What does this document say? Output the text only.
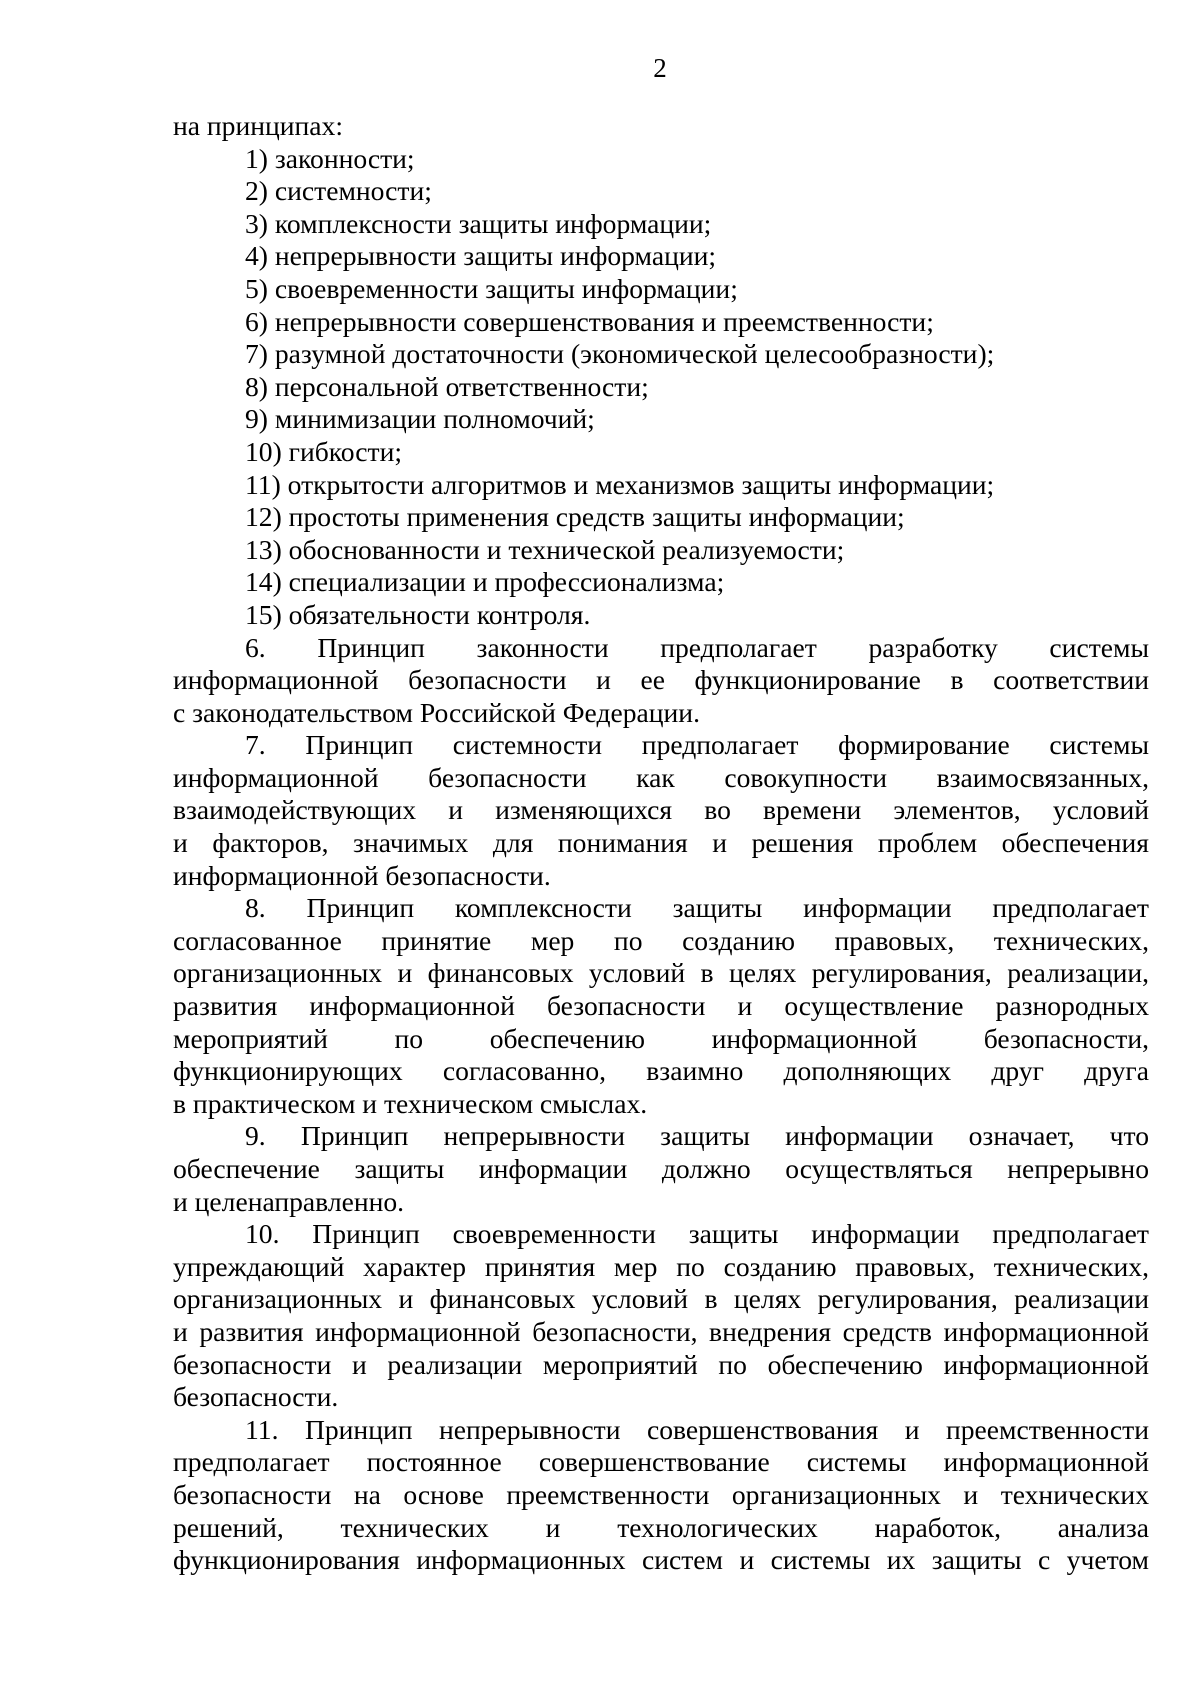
2
на принципах:
1) законности;
2) системности;
3) комплексности защиты информации;
4) непрерывности защиты информации;
5) своевременности защиты информации;
6) непрерывности совершенствования и преемственности;
7) разумной достаточности (экономической целесообразности);
8) персональной ответственности;
9) минимизации полномочий;
10) гибкости;
11) открытости алгоритмов и механизмов защиты информации;
12) простоты применения средств защиты информации;
13) обоснованности и технической реализуемости;
14) специализации и профессионализма;
15) обязательности контроля.
6. Принцип законности предполагает разработку системы
информационной безопасности и ее функционирование в соответствии
с законодательством Российской Федерации.
7. Принцип системности предполагает формирование системы
информационной безопасности как совокупности взаимосвязанных,
взаимодействующих и изменяющихся во времени элементов, условий
и факторов, значимых для понимания и решения проблем обеспечения
информационной безопасности.
8. Принцип комплексности защиты информации предполагает
согласованное принятие мер по созданию правовых, технических,
организационных и финансовых условий в целях регулирования, реализации,
развития информационной безопасности и осуществление разнородных
мероприятий по обеспечению информационной безопасности,
функционирующих согласованно, взаимно дополняющих друг друга
в практическом и техническом смыслах.
9. Принцип непрерывности защиты информации означает, что
обеспечение защиты информации должно осуществляться непрерывно
и целенаправленно.
10. Принцип своевременности защиты информации предполагает
упреждающий характер принятия мер по созданию правовых, технических,
организационных и финансовых условий в целях регулирования, реализации
и развития информационной безопасности, внедрения средств информационной
безопасности и реализации мероприятий по обеспечению информационной
безопасности.
11. Принцип непрерывности совершенствования и преемственности
предполагает постоянное совершенствование системы информационной
безопасности на основе преемственности организационных и технических
решений, технических и технологических наработок, анализа
функционирования информационных систем и системы их защиты с учетом
